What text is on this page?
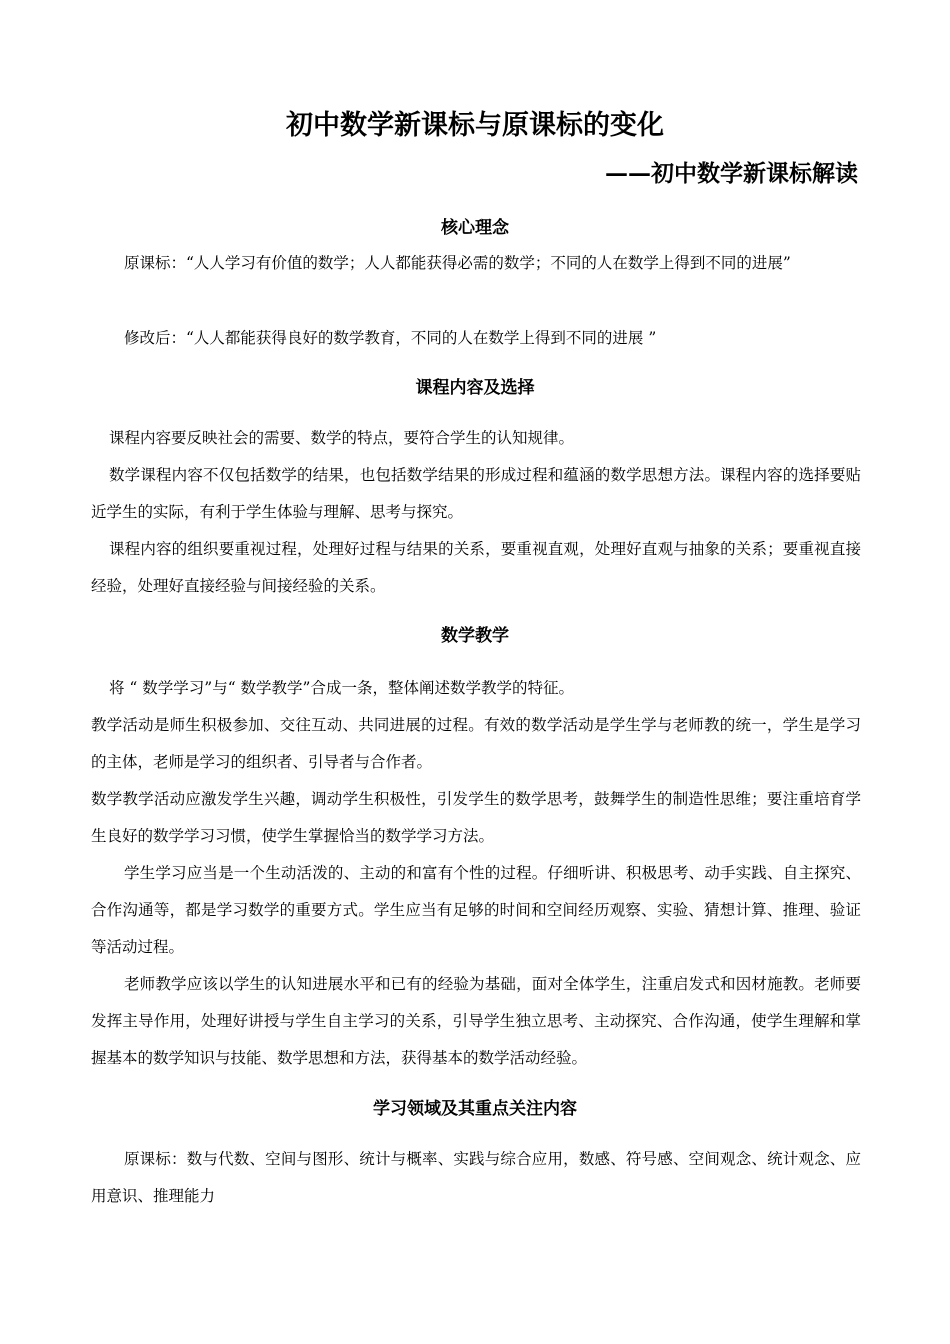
初中数学新课标与原课标的变化
——初中数学新课标解读
核心理念

原课标：“人人学习有价值的数学；人人都能获得必需的数学；不同的人在数学上得到不同的进展”

修改后：“人人都能获得良好的数学教育，不同的人在数学上得到不同的进展 ”

课程内容及选择

课程内容要反映社会的需要、数学的特点，要符合学生的认知规律。

数学课程内容不仅包括数学的结果，也包括数学结果的形成过程和蕴涵的数学思想方法。课程内容的选择要贴近学生的实际，有利于学生体验与理解、思考与探究。

课程内容的组织要重视过程，处理好过程与结果的关系，要重视直观，处理好直观与抽象的关系；要重视直接经验，处理好直接经验与间接经验的关系。

数学教学

将 “ 数学学习”与“ 数学教学”合成一条，整体阐述数学教学的特征。

教学活动是师生积极参加、交往互动、共同进展的过程。有效的数学活动是学生学与老师教的统一，学生是学习的主体，老师是学习的组织者、引导者与合作者。

数学教学活动应激发学生兴趣，调动学生积极性，引发学生的数学思考，鼓舞学生的制造性思维；要注重培育学生良好的数学学习习惯，使学生掌握恰当的数学学习方法。

学生学习应当是一个生动活泼的、主动的和富有个性的过程。仔细听讲、积极思考、动手实践、自主探究、合作沟通等，都是学习数学的重要方式。学生应当有足够的时间和空间经历观察、实验、猜想计算、推理、验证等活动过程。

老师教学应该以学生的认知进展水平和已有的经验为基础，面对全体学生，注重启发式和因材施教。老师要发挥主导作用，处理好讲授与学生自主学习的关系，引导学生独立思考、主动探究、合作沟通，使学生理解和掌握基本的数学知识与技能、数学思想和方法，获得基本的数学活动经验。

学习领域及其重点关注内容

原课标：数与代数、空间与图形、统计与概率、实践与综合应用，数感、符号感、空间观念、统计观念、应用意识、推理能力
